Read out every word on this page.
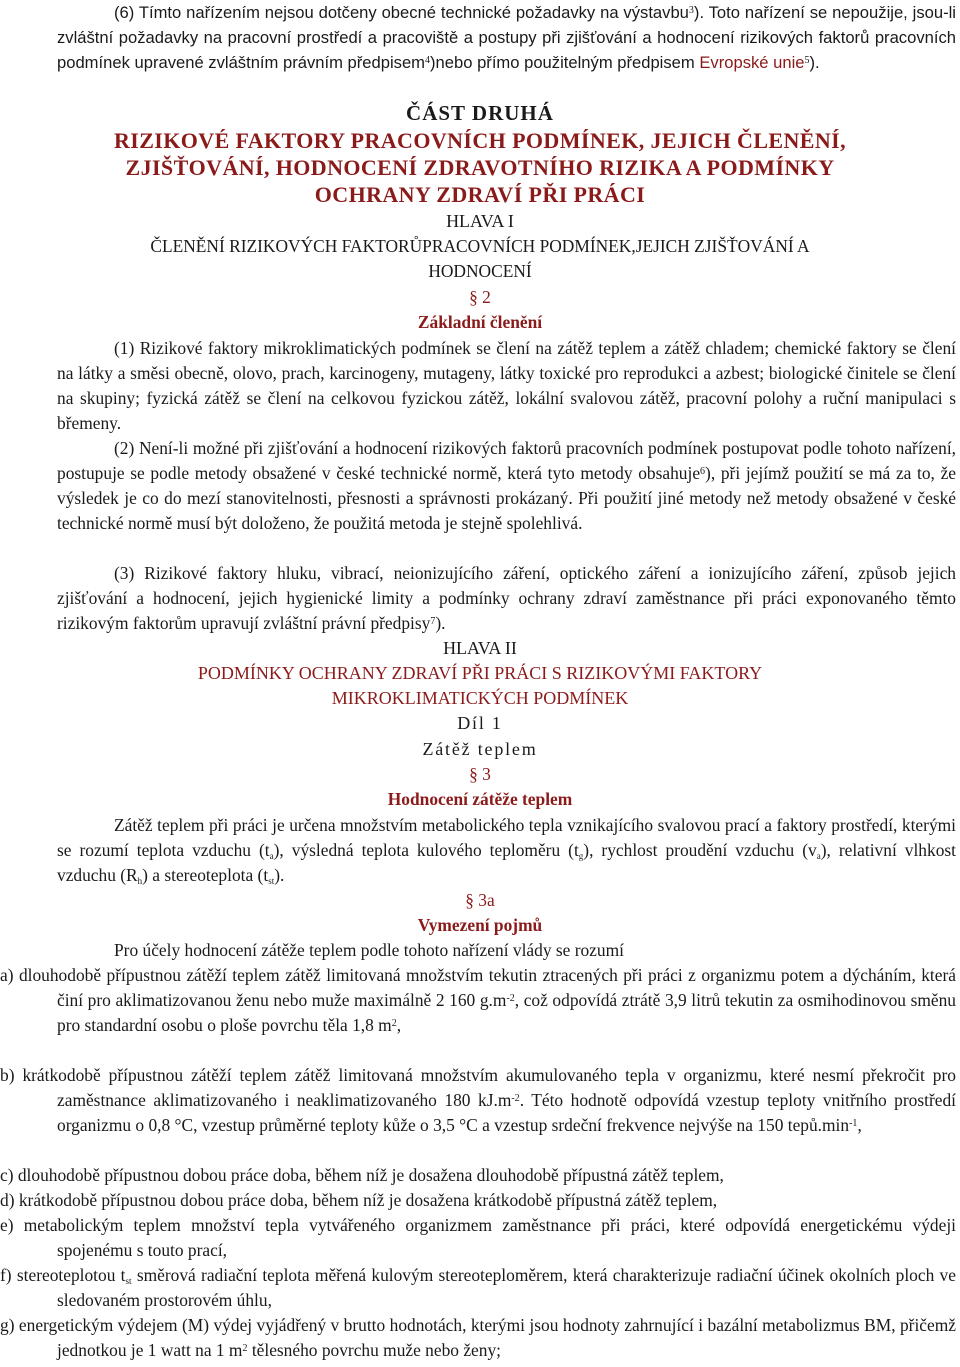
(6) Tímto nařízením nejsou dotčeny obecné technické požadavky na výstavbu$^3$). Toto nařízení se nepoužije, jsou-li zvláštní požadavky na pracovní prostředí a pracoviště a postupy při zjišťování a hodnocení rizikových faktorů pracovních podmínek upravené zvláštním právním předpisem$^4$)nebo přímo použitelným předpisem Evropské unie$^5$).
ČÁST DRUHÁ
RIZIKOVÉ FAKTORY PRACOVNÍCH PODMÍNEK, JEJICH ČLENĚNÍ,
ZJIŠŤOVÁNÍ, HODNOCENÍ ZDRAVOTNÍHO RIZIKA A PODMÍNKY
OCHRANY ZDRAVÍ PŘI PRÁCI
HLAVA I
ČLENĚNÍ RIZIKOVÝCH FAKTORŮPRACOVNÍCH PODMÍNEK,JEJICH ZJIŠŤOVÁNÍ A
HODNOCENÍ
§ 2
Základní členění
(1) Rizikové faktory mikroklimatických podmínek se člení na zátěž teplem a zátěž chladem; chemické faktory se člení na látky a směsi obecně, olovo, prach, karcinogeny, mutageny, látky toxické pro reprodukci a azbest; biologické činitele se člení na skupiny; fyzická zátěž se člení na celkovou fyzickou zátěž, lokální svalovou zátěž, pracovní polohy a ruční manipulaci s břemeny.
(2) Není-li možné při zjišťování a hodnocení rizikových faktorů pracovních podmínek postupovat podle tohoto nařízení, postupuje se podle metody obsažené v české technické normě, která tyto metody obsahuje$^6$), při jejímž použití se má za to, že výsledek je co do mezí stanovitelnosti, přesnosti a správnosti prokázaný. Při použití jiné metody než metody obsažené v české technické normě musí být doloženo, že použitá metoda je stejně spolehlivá.
(3) Rizikové faktory hluku, vibrací, neionizujícího záření, optického záření a ionizujícího záření, způsob jejich zjišťování a hodnocení, jejich hygienické limity a podmínky ochrany zdraví zaměstnance při práci exponovaného těmto rizikovým faktorům upravují zvláštní právní předpisy$^7$).
HLAVA II
PODMÍNKY OCHRANY ZDRAVÍ PŘI PRÁCI S RIZIKOVÝMI FAKTORY
MIKROKLIMATICKÝCH PODMÍNEK
Díl 1
Zátěž teplem
§ 3
Hodnocení zátěže teplem
Zátěž teplem při práci je určena množstvím metabolického tepla vznikajícího svalovou prací a faktory prostředí, kterými se rozumí teplota vzduchu $(t_a)$, výsledná teplota kulového teploměru $(t_g)$, rychlost proudění vzduchu $(v_a)$, relativní vlhkost vzduchu $(R_h)$ a stereoteplota $(t_{st})$.
§ 3a
Vymezení pojmů
Pro účely hodnocení zátěže teplem podle tohoto nařízení vlády se rozumí
a) dlouhodobě přípustnou zátěží teplem zátěž limitovaná množstvím tekutin ztracených při práci z organizmu potem a dýcháním, která činí pro aklimatizovanou ženu nebo muže maximálně 2 160 $g.m^{-2}$, což odpovídá ztrátě 3,9 litrů tekutin za osmihodinovou směnu pro standardní osobu o ploše povrchu těla 1,8 $m^2$,
b) krátkodobě přípustnou zátěží teplem zátěž limitovaná množstvím akumulovaného tepla v organizmu, které nesmí překročit pro zaměstnance aklimatizovaného i neaklimatizovaného 180 $kJ.m^{-2}$. Této hodnotě odpovídá vzestup teploty vnitřního prostředí organizmu o 0,8 °C, vzestup průměrné teploty kůže o 3,5 °C a vzestup srdeční frekvence nejvýše na 150 $tepů.\min^{-1}$,
c) dlouhodobě přípustnou dobou práce doba, během níž je dosažena dlouhodobě přípustná zátěž teplem,
d) krátkodobě přípustnou dobou práce doba, během níž je dosažena krátkodobě přípustná zátěž teplem,
e) metabolickým teplem množství tepla vytvářeného organizmem zaměstnance při práci, které odpovídá energetickému výdeji spojenému s touto prací,
f) stereoteplotou $t_{st}$ směrová radiační teplota měřená kulovým stereoteploměrem, která charakterizuje radiační účinek okolních ploch ve sledovaném prostorovém úhlu,
g) energetickým výdejem (M) výdej vyjádřený v brutto hodnotách, kterými jsou hodnoty zahrnující i bazální metabolizmus BM, přičemž jednotkou je 1 watt na 1 $m^2$ tělesného povrchu muže nebo ženy;
